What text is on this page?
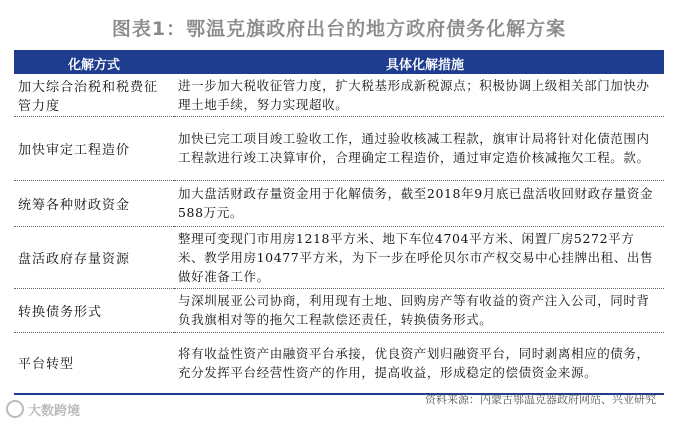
图表1：鄂温克旗政府出台的地方政府债务化解方案
化解方式	具体化解措施
加大综合治税和税费征管力度	进一步加大税收征管力度，扩大税基形成新税源点；积极协调上级相关部门加快办理土地手续，努力实现超收。
加快审定工程造价	加快已完工项目竣工验收工作，通过验收核减工程款，旗审计局将针对化债范围内工程款进行竣工决算审价，合理确定工程造价，通过审定造价核减拖欠工程。款。
统筹各种财政资金	加大盘活财政存量资金用于化解债务，截至2018年9月底已盘活收回财政存量资金588万元。
盘活政府存量资源	整理可变现门市用房1218平方米、地下车位4704平方米、闲置厂房5272平方米、教学用房10477平方米，为下一步在呼伦贝尔市产权交易中心挂牌出租、出售做好准备工作。
转换债务形式	与深圳展亚公司协商，利用现有土地、回购房产等有收益的资产注入公司，同时背负我旗相对等的拖欠工程款偿还责任，转换债务形式。
平台转型	将有收益性资产由融资平台承接，优良资产划归融资平台，同时剥离相应的债务，充分发挥平台经营性资产的作用，提高收益，形成稳定的偿债资金来源。
资料来源：内蒙古鄂温克器政府网站、兴业研究
大数跨境
